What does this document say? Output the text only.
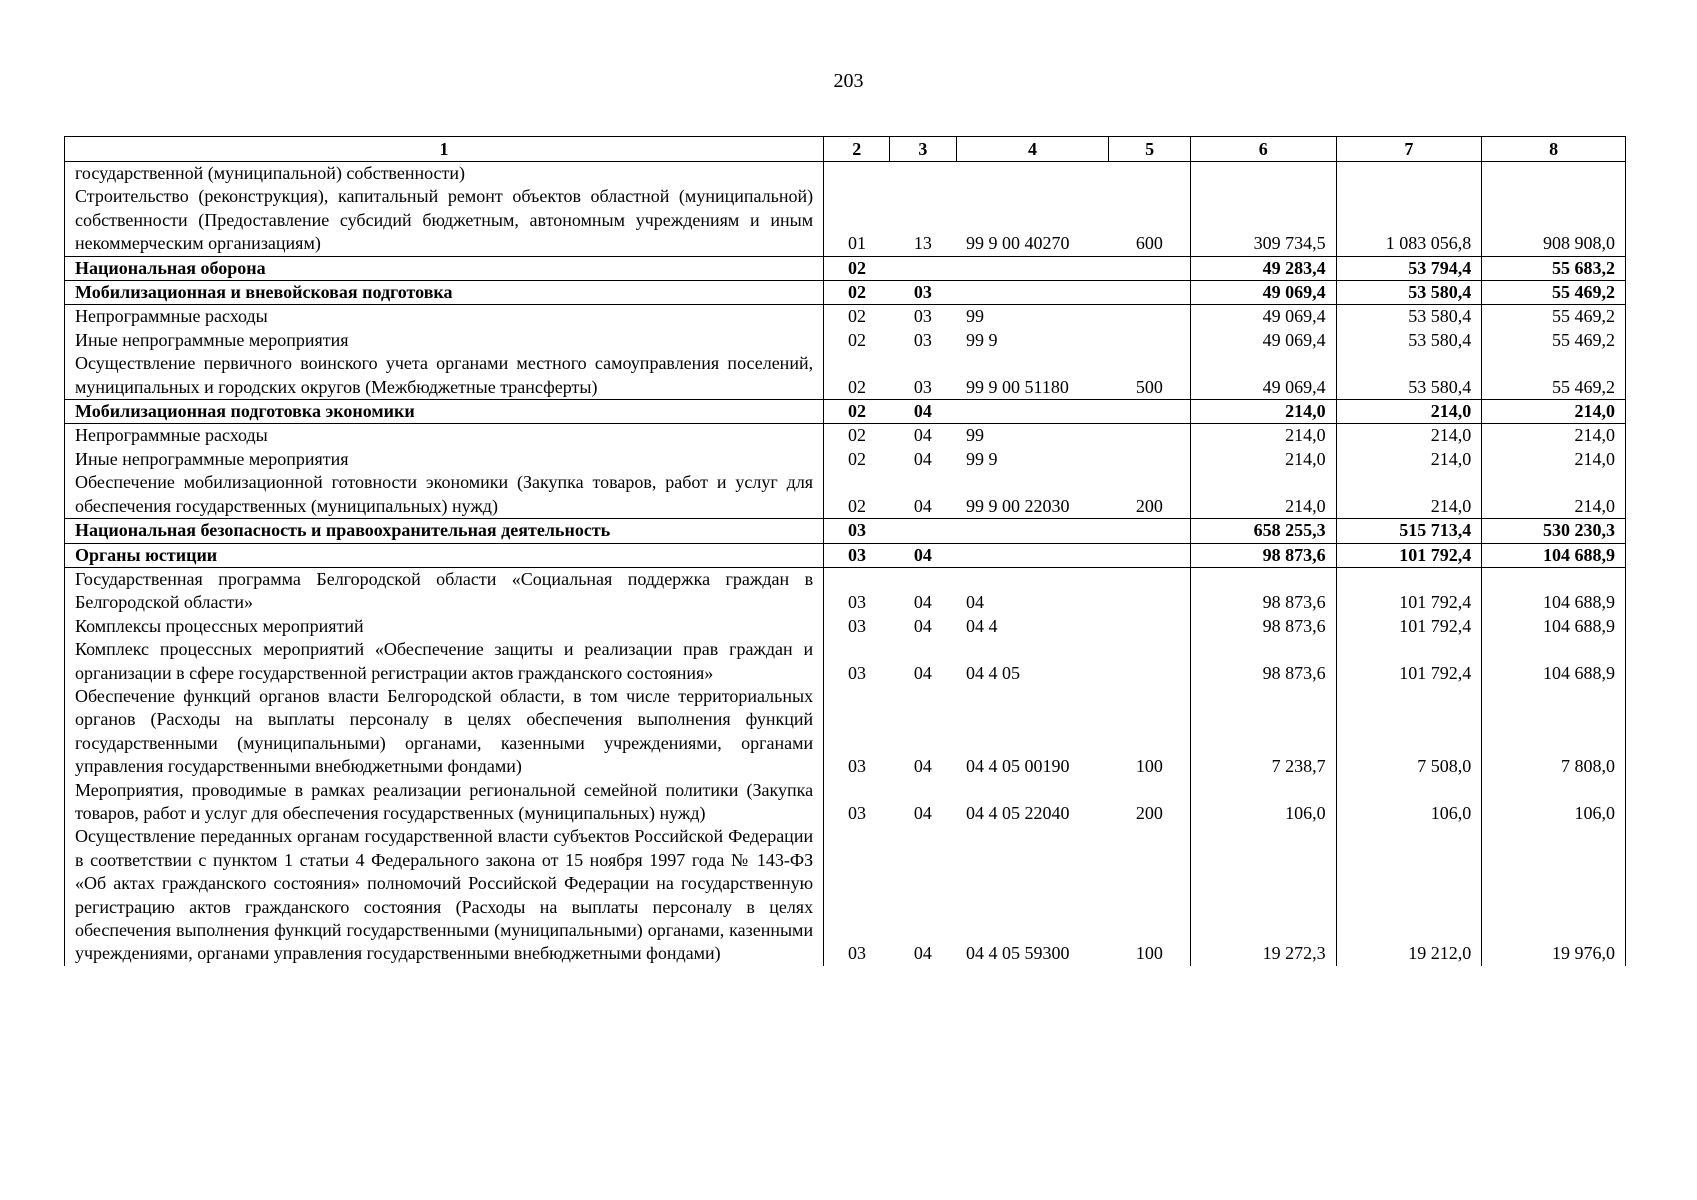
203
1	2	3	4	5	6	7	8
государственной (муниципальной) собственности)							
Строительство (реконструкция), капитальный ремонт объектов областной (муниципальной) собственности (Предоставление субсидий бюджетным, автономным учреждениям и иным некоммерческим организациям)	01	13	99 9 00 40270	600	309 734,5	1 083 056,8	908 908,0
Национальная оборона	02				49 283,4	53 794,4	55 683,2
Мобилизационная и вневойсковая подготовка	02	03			49 069,4	53 580,4	55 469,2
Непрограммные расходы	02	03	99		49 069,4	53 580,4	55 469,2
Иные непрограммные мероприятия	02	03	99 9		49 069,4	53 580,4	55 469,2
Осуществление первичного воинского учета органами местного самоуправления поселений, муниципальных и городских округов (Межбюджетные трансферты)	02	03	99 9 00 51180	500	49 069,4	53 580,4	55 469,2
Мобилизационная подготовка экономики	02	04			214,0	214,0	214,0
Непрограммные расходы	02	04	99		214,0	214,0	214,0
Иные непрограммные мероприятия	02	04	99 9		214,0	214,0	214,0
Обеспечение мобилизационной готовности экономики (Закупка товаров, работ и услуг для обеспечения государственных (муниципальных) нужд)	02	04	99 9 00 22030	200	214,0	214,0	214,0
Национальная безопасность и правоохранительная деятельность	03				658 255,3	515 713,4	530 230,3
Органы юстиции	03	04			98 873,6	101 792,4	104 688,9
Государственная программа Белгородской области «Социальная поддержка граждан в Белгородской области»	03	04	04		98 873,6	101 792,4	104 688,9
Комплексы процессных мероприятий	03	04	04 4		98 873,6	101 792,4	104 688,9
Комплекс процессных мероприятий «Обеспечение защиты и реализации прав граждан и организации в сфере государственной регистрации актов гражданского состояния»	03	04	04 4 05		98 873,6	101 792,4	104 688,9
Обеспечение функций органов власти Белгородской области, в том числе территориальных органов (Расходы на выплаты персоналу в целях обеспечения выполнения функций государственными (муниципальными) органами, казенными учреждениями, органами управления государственными внебюджетными фондами)	03	04	04 4 05 00190	100	7 238,7	7 508,0	7 808,0
Мероприятия, проводимые в рамках реализации региональной семейной политики (Закупка товаров, работ и услуг для обеспечения государственных (муниципальных) нужд)	03	04	04 4 05 22040	200	106,0	106,0	106,0
Осуществление переданных органам государственной власти субъектов Российской Федерации в соответствии с пунктом 1 статьи 4 Федерального закона от 15 ноября 1997 года № 143-ФЗ «Об актах гражданского состояния» полномочий Российской Федерации на государственную регистрацию актов гражданского состояния (Расходы на выплаты персоналу в целях обеспечения выполнения функций государственными (муниципальными) органами, казенными учреждениями, органами управления государственными внебюджетными фондами)	03	04	04 4 05 59300	100	19 272,3	19 212,0	19 976,0
